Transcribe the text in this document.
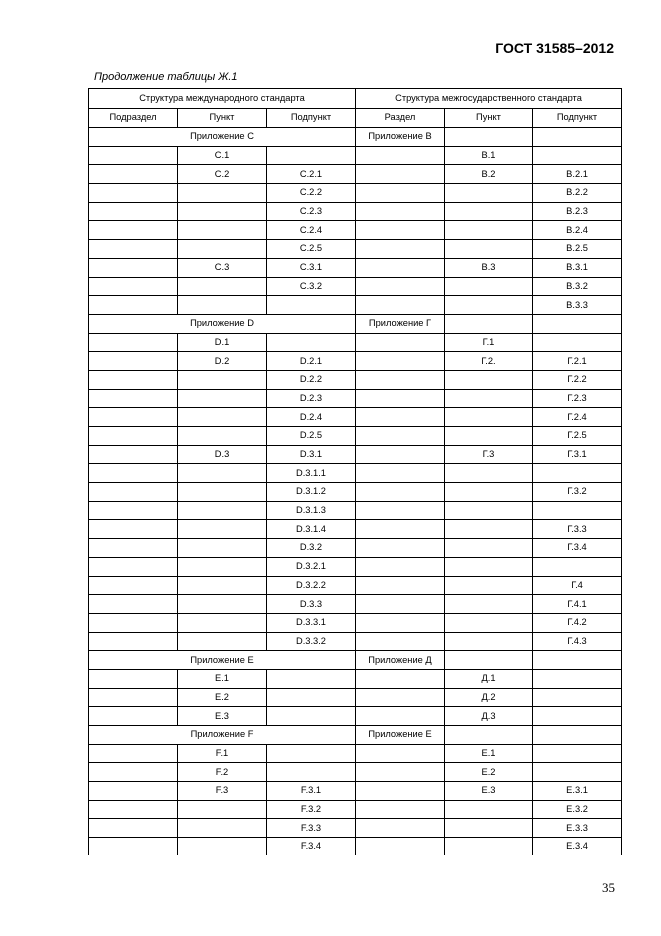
ГОСТ 31585–2012
Продолжение таблицы Ж.1
Структура международного стандарта			Структура межгосударственного стандарта		
Подраздел	Пункт	Подпункт	Раздел	Пункт	Подпункт
Приложение С			Приложение В		
	С.1			В.1	
	С.2	С.2.1		В.2	В.2.1
		С.2.2			В.2.2
		С.2.3			В.2.3
		С.2.4			В.2.4
		С.2.5			В.2.5
	С.3	С.3.1		В.3	В.3.1
		С.3.2			В.3.2
					В.3.3
Приложение D			Приложение Г		
	D.1			Г.1	
	D.2	D.2.1		Г.2.	Г.2.1
		D.2.2			Г.2.2
		D.2.3			Г.2.3
		D.2.4			Г.2.4
		D.2.5			Г.2.5
	D.3	D.3.1		Г.3	Г.3.1
		D.3.1.1			
		D.3.1.2			Г.3.2
		D.3.1.3			
		D.3.1.4			Г.3.3
		D.3.2			Г.3.4
		D.3.2.1			
		D.3.2.2			Г.4
		D.3.3			Г.4.1
		D.3.3.1			Г.4.2
		D.3.3.2			Г.4.3
Приложение Е			Приложение Д		
	Е.1			Д.1	
	Е.2			Д.2	
	Е.3			Д.3	
Приложение F			Приложение Е		
	F.1			Е.1	
	F.2			Е.2	
	F.3	F.3.1		Е.3	Е.3.1
		F.3.2			Е.3.2
		F.3.3			Е.3.3
		F.3.4			Е.3.4
35
